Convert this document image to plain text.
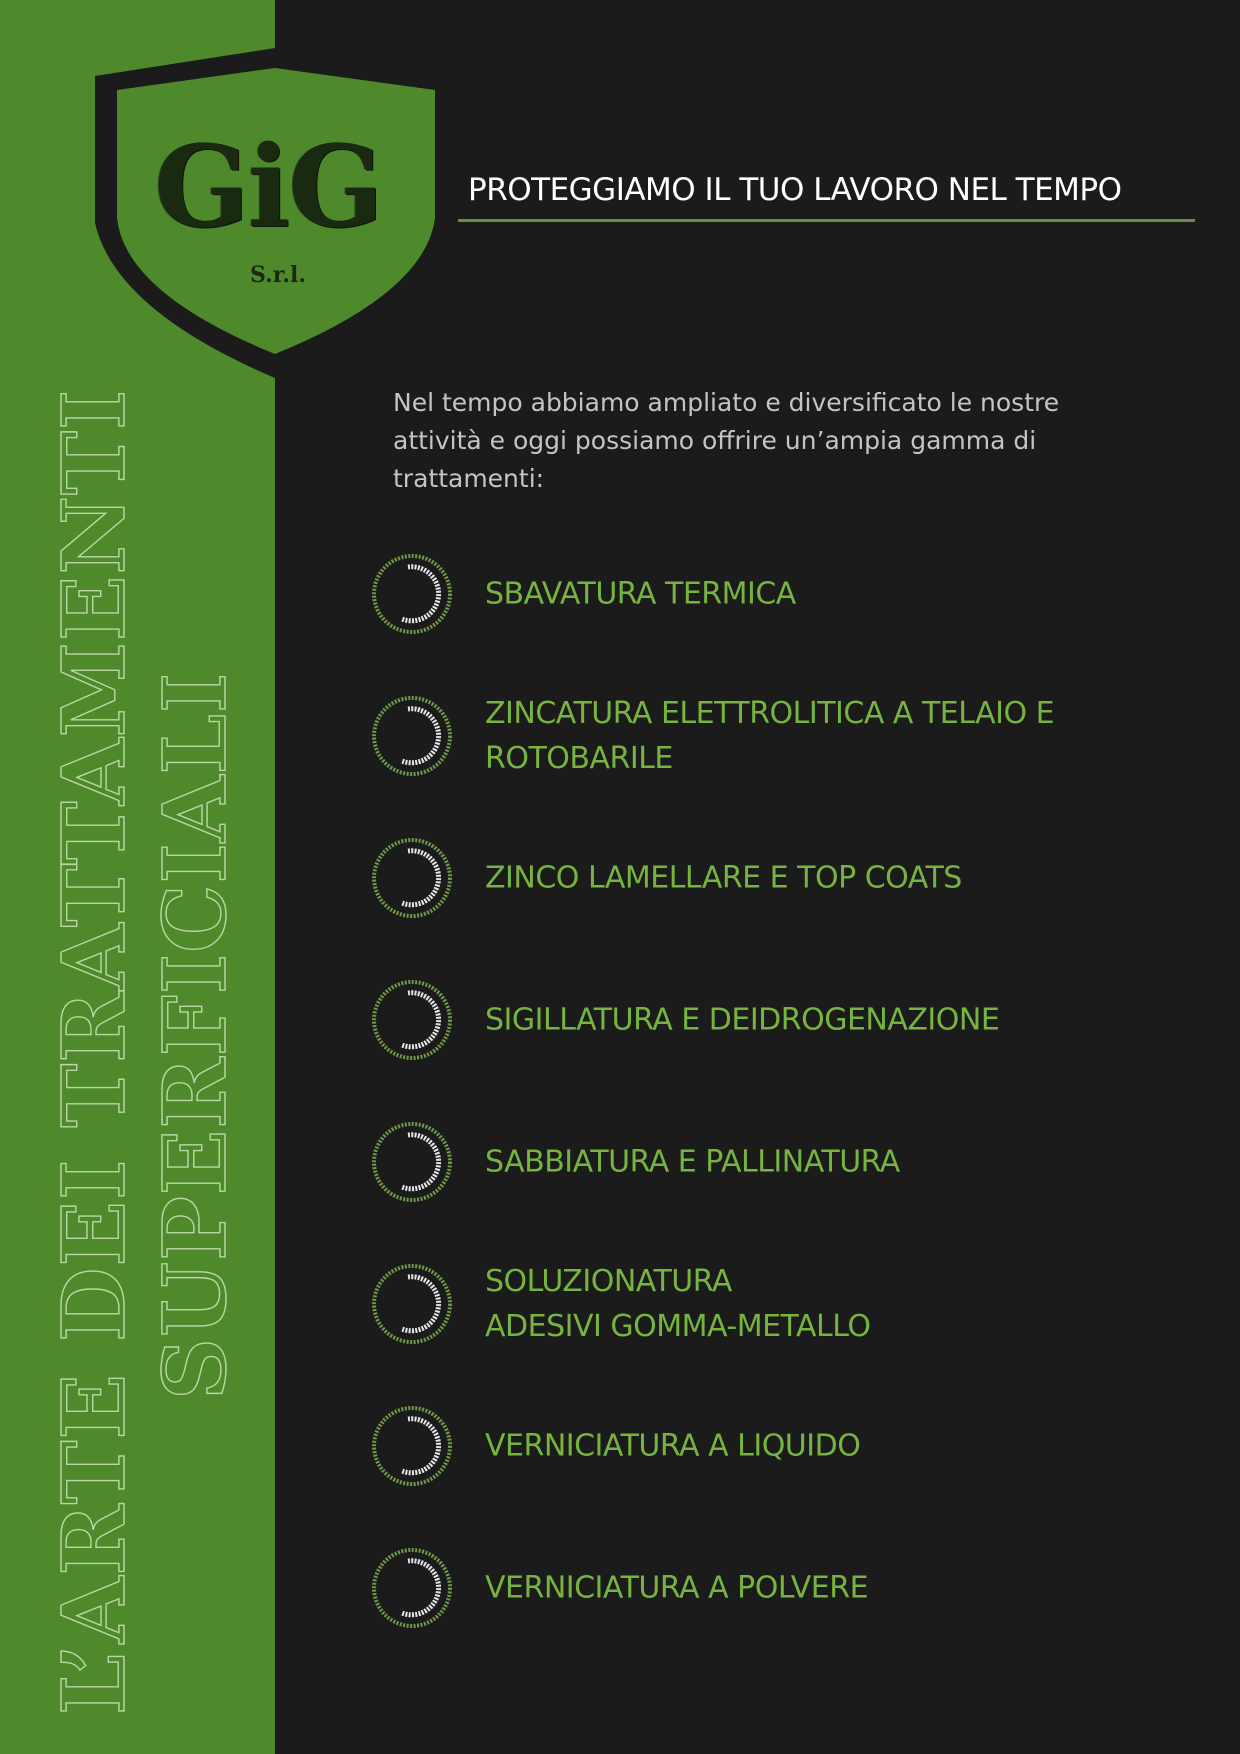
GiG
S.r.l.
L’ARTE DEI TRATTAMENTI SUPERFICIALI
PROTEGGIAMO IL TUO LAVORO NEL TEMPO
Nel tempo abbiamo ampliato e diversificato le nostre attività e oggi possiamo offrire un’ampia gamma di trattamenti:
SBAVATURA TERMICA
ZINCATURA ELETTROLITICA A TELAIO E
ROTOBARILE
ZINCO LAMELLARE E TOP COATS
SIGILLATURA E DEIDROGENAZIONE
SABBIATURA E PALLINATURA
SOLUZIONATURA
ADESIVI GOMMA-METALLO
VERNICIATURA A LIQUIDO
VERNICIATURA A POLVERE
